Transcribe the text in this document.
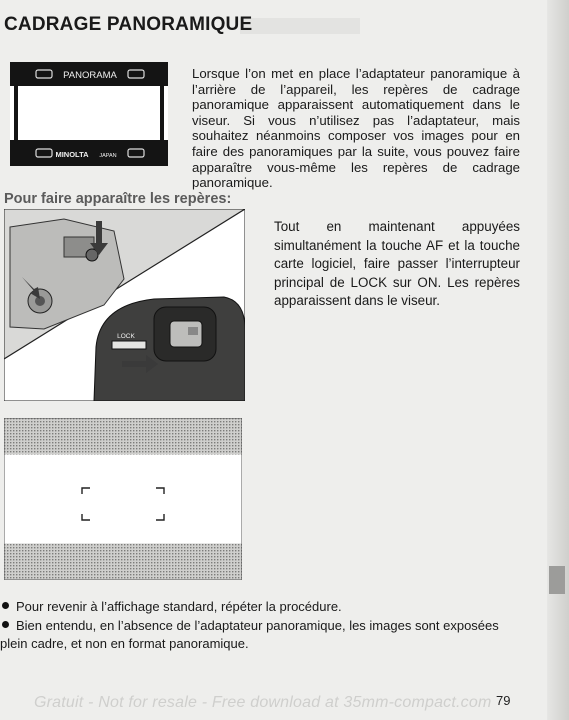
CADRAGE PANORAMIQUE
PANORAMA
MINOLTA JAPAN

Lorsque l’on met en place l’adaptateur panoramique à l’arrière de l’appareil, les repères de cadrage panoramique apparaissent automatiquement dans le viseur. Si vous n’utilisez pas l’adaptateur, mais souhaitez néanmoins composer vos images pour en faire des panoramiques par la suite, vous pouvez faire apparaître vous-même les repères de cadrage panoramique.

Pour faire apparaître les repères:
LOCK

Tout en maintenant appuyées simultanément la touche AF et la touche carte logiciel, faire passer l’interrupteur principal de LOCK sur ON. Les repères apparaissent dans le viseur.

Pour revenir à l’affichage standard, répéter la procédure.
Bien entendu, en l’absence de l’adaptateur panoramique, les images sont exposées plein cadre, et non en format panoramique.

Gratuit - Not for resale - Free download at 35mm-compact.com 79
